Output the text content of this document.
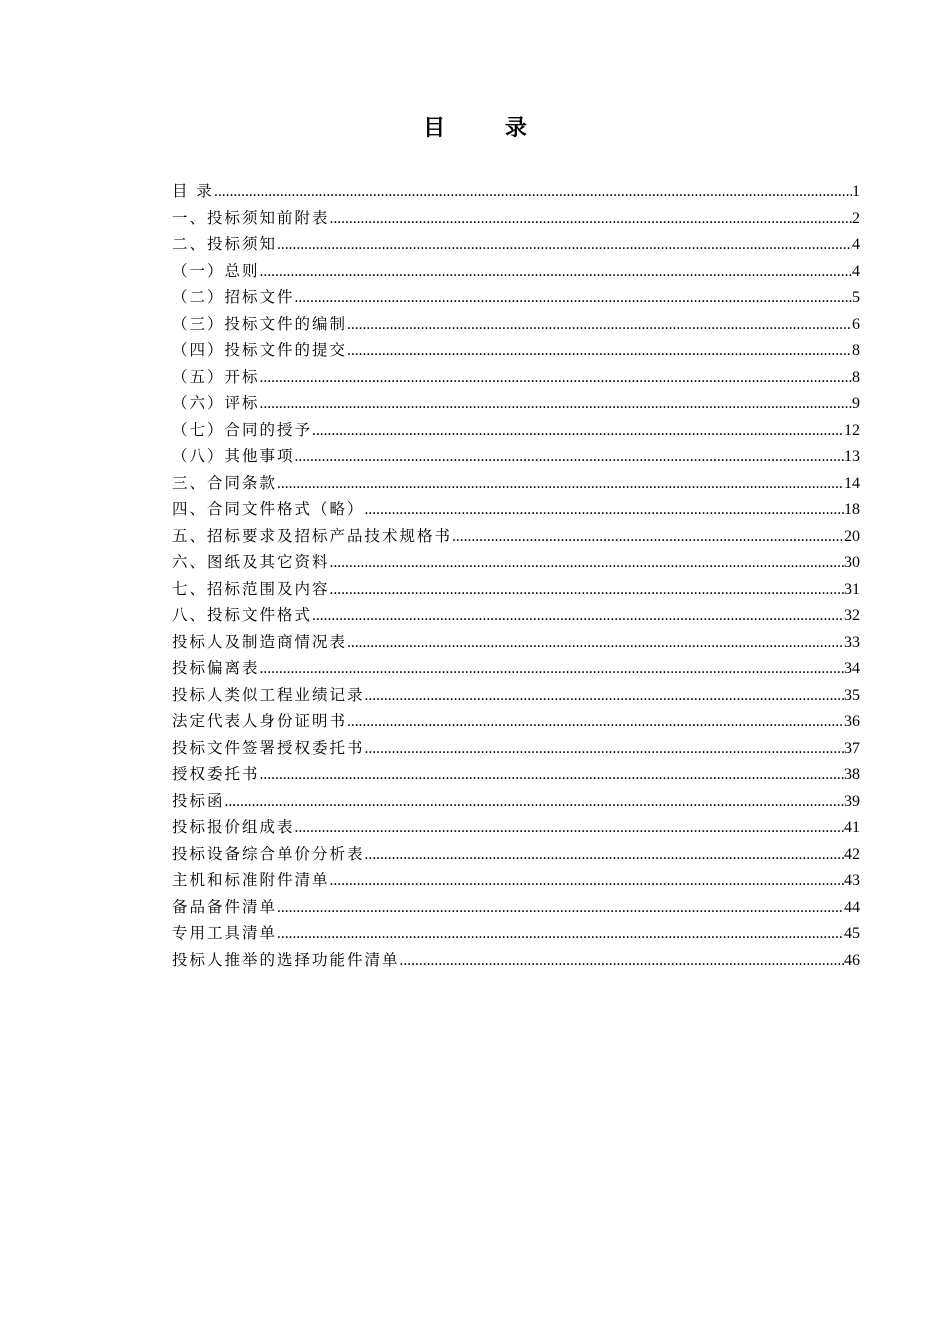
目 录
目 录 .....	1
一、投标须知前附表 .....	2
二、投标须知 .....	4
（一）总则 .....	4
（二）招标文件 .....	5
（三）投标文件的编制 .....	6
（四）投标文件的提交 .....	8
（五）开标 .....	8
（六）评标 .....	9
（七）合同的授予 .....	12
（八）其他事项 .....	13
三、合同条款 .....	14
四、合同文件格式（略） .....	18
五、招标要求及招标产品技术规格书 .....	20
六、图纸及其它资料 .....	30
七、招标范围及内容 .....	31
八、投标文件格式 .....	32
投标人及制造商情况表 .....	33
投标偏离表 .....	34
投标人类似工程业绩记录 .....	35
法定代表人身份证明书 .....	36
投标文件签署授权委托书 .....	37
授权委托书 .....	38
投标函 .....	39
投标报价组成表 .....	41
投标设备综合单价分析表 .....	42
主机和标准附件清单 .....	43
备品备件清单 .....	44
专用工具清单 .....	45
投标人推举的选择功能件清单 .....	46
